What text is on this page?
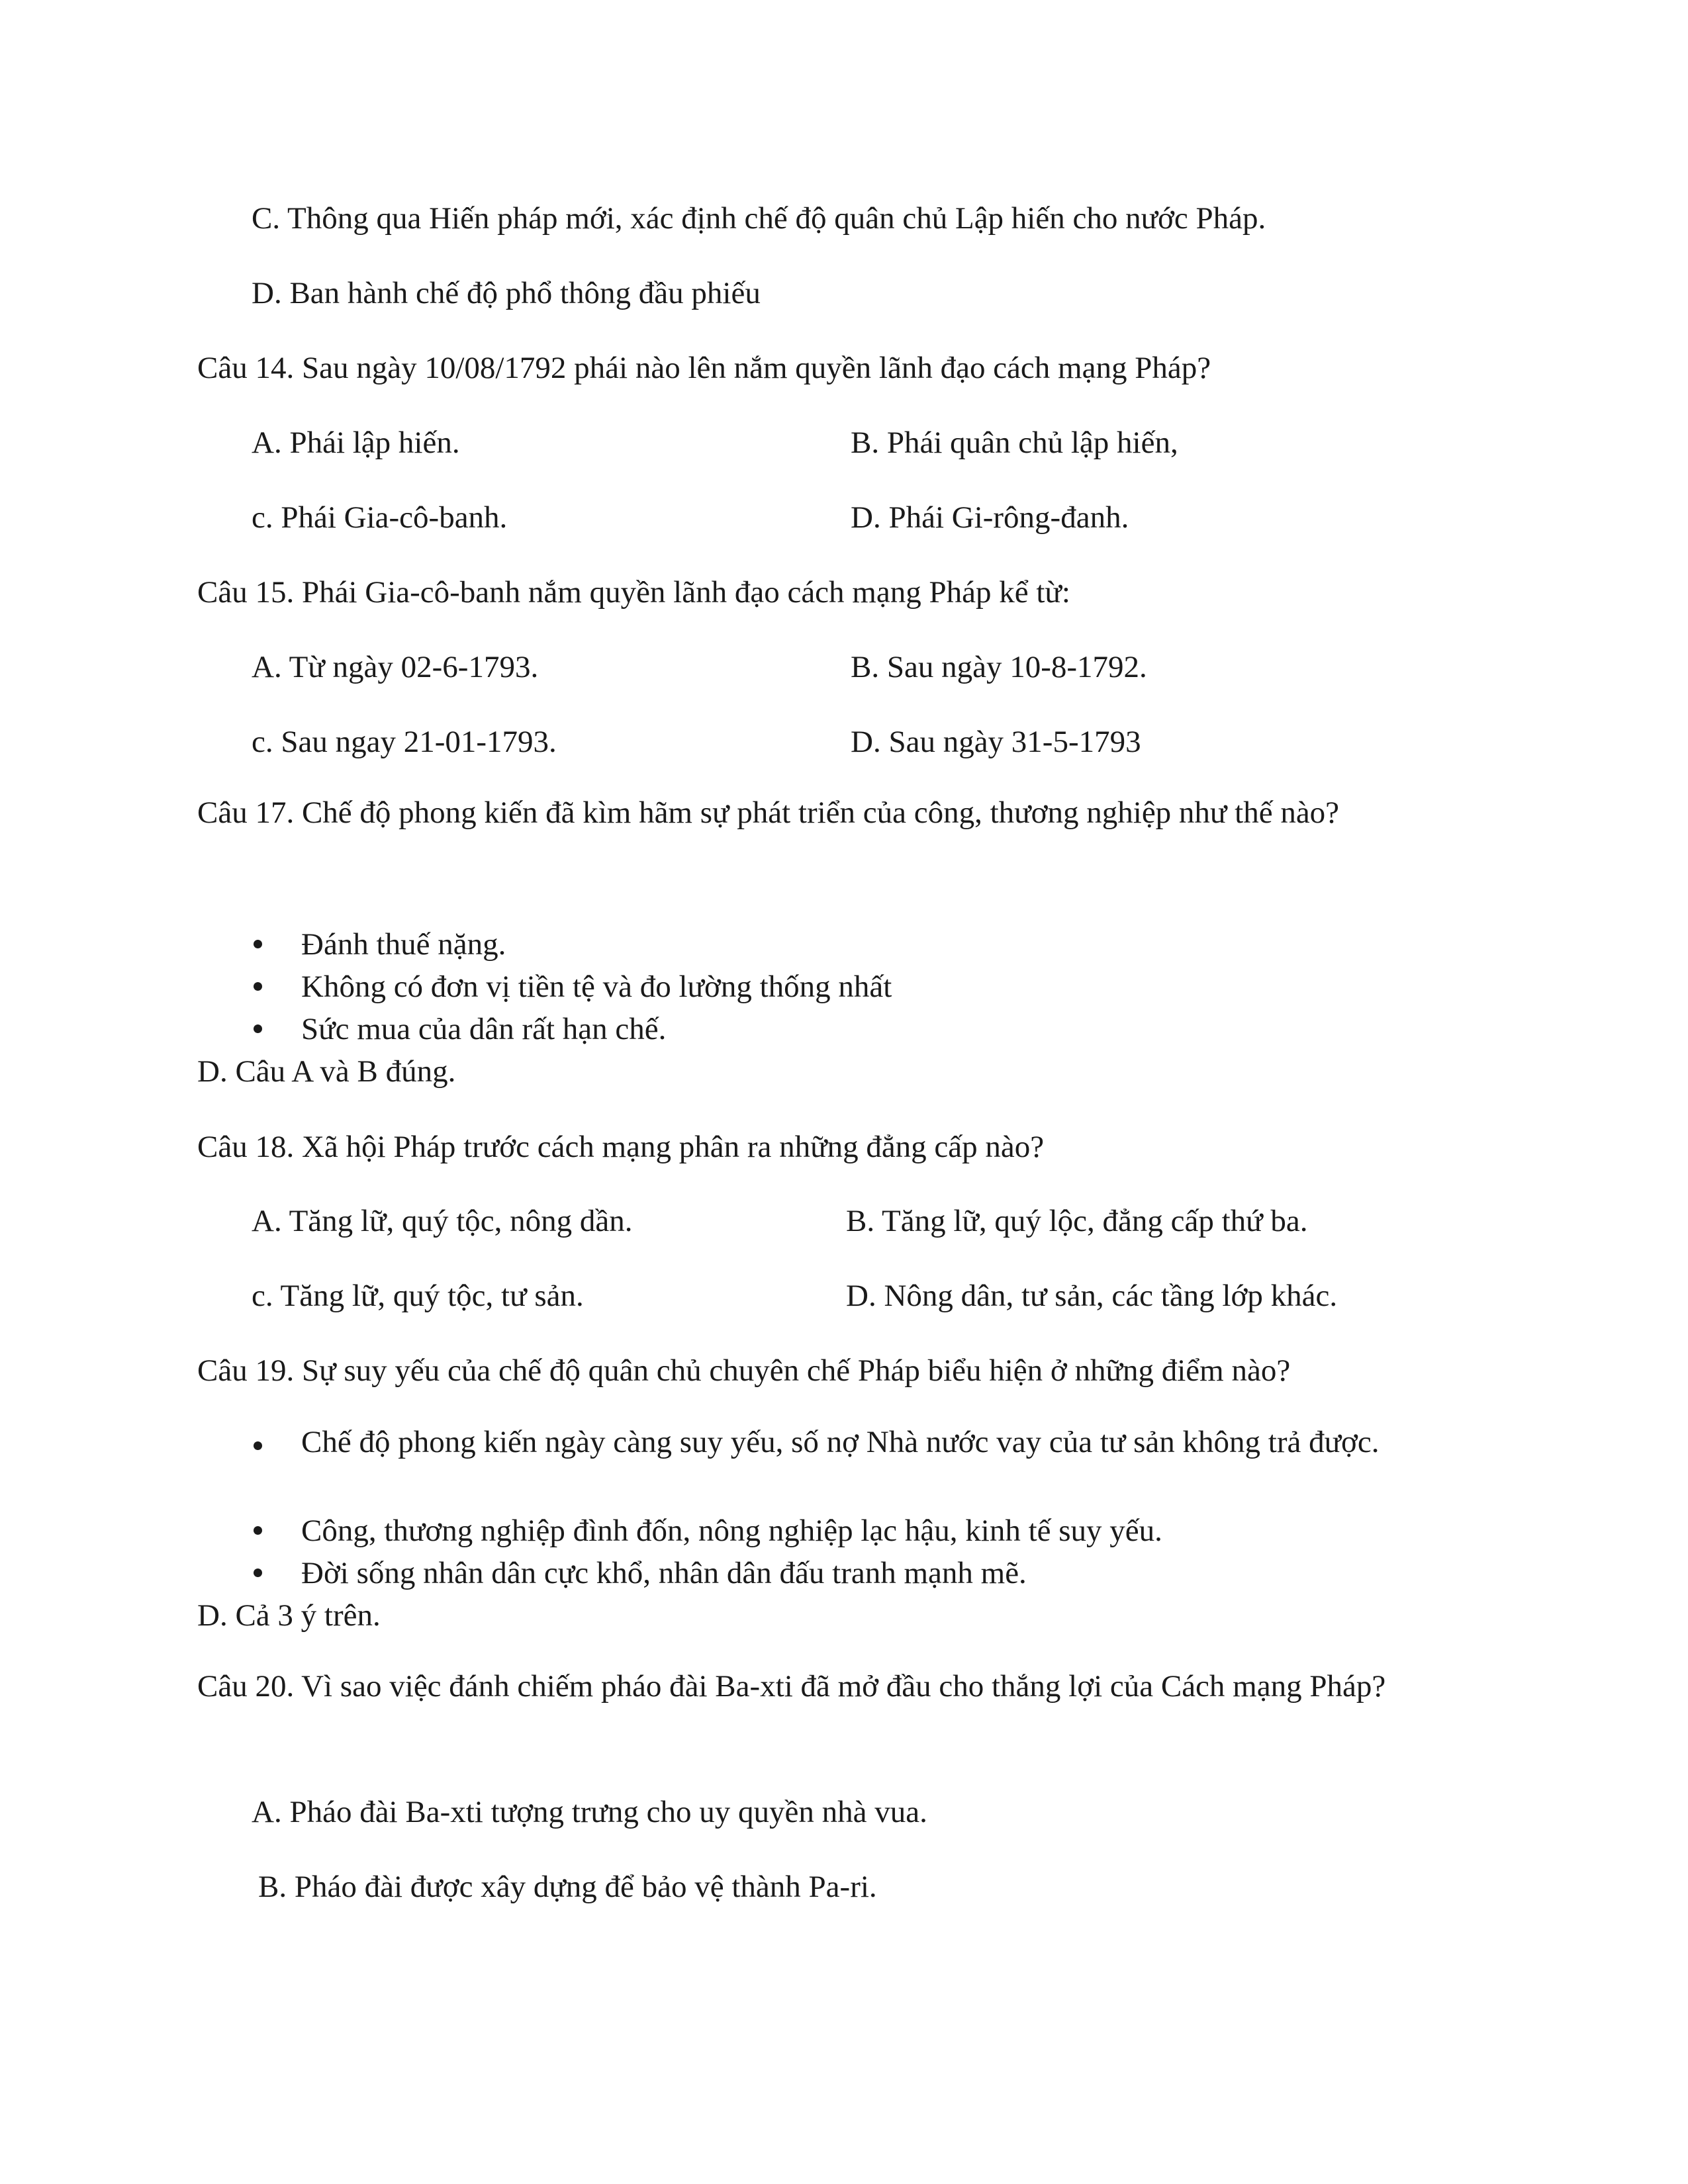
C. Thông qua Hiến pháp mới, xác định chế độ quân chủ Lập hiến cho nước Pháp.
D. Ban hành chế độ phổ thông đầu phiếu
Câu 14. Sau ngày 10/08/1792 phái nào lên nắm quyền lãnh đạo cách mạng Pháp?
A. Phái lập hiến.	B. Phái quân chủ lập hiến,
c. Phái Gia-cô-banh.	D. Phái Gi-rông-đanh.
Câu 15. Phái Gia-cô-banh nắm quyền lãnh đạo cách mạng Pháp kể từ:
A. Từ ngày 02-6-1793.	B. Sau ngày 10-8-1792.
c. Sau ngay 21-01-1793.	D. Sau ngày 31-5-1793
Câu 17. Chế độ phong kiến đã kìm hãm sự phát triển của công, thương nghiệp như thế nào?
Đánh thuế nặng.
Không có đơn vị tiền tệ và đo lường thống nhất
Sức mua của dân rất hạn chế.
D. Câu A và B đúng.
Câu 18. Xã hội Pháp trước cách mạng phân ra những đẳng cấp nào?
A. Tăng lữ, quý tộc, nông dần.	B. Tăng lữ, quý lộc, đẳng cấp thứ ba.
c. Tăng lữ, quý tộc, tư sản.	D. Nông dân, tư sản, các tầng lớp khác.
Câu 19. Sự suy yếu của chế độ quân chủ chuyên chế Pháp biểu hiện ở những điểm nào?
Chế độ phong kiến ngày càng suy yếu, số nợ Nhà nước vay của tư sản không trả được.
Công, thương nghiệp đình đốn, nông nghiệp lạc hậu, kinh tế suy yếu.
Đời sống nhân dân cực khổ, nhân dân đấu tranh mạnh mẽ.
D. Cả 3 ý trên.
Câu 20. Vì sao việc đánh chiếm pháo đài Ba-xti đã mở đầu cho thắng lợi của Cách mạng Pháp?
A. Pháo đài Ba-xti tượng trưng cho uy quyền nhà vua.
B. Pháo đài được xây dựng để bảo vệ thành Pa-ri.
